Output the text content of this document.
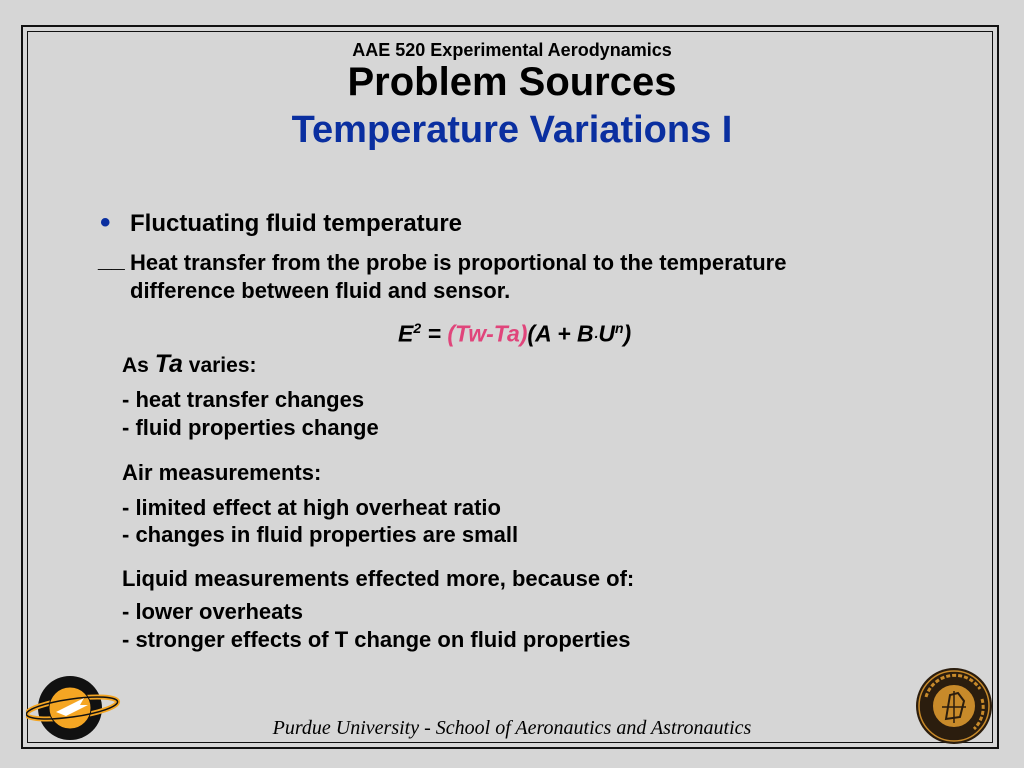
AAE 520 Experimental Aerodynamics
Problem Sources
Temperature Variations I
• Fluctuating fluid temperature
__ Heat transfer from the probe is proportional to the temperature
difference between fluid and sensor.
$E^2 = (Tw-Ta)(A + B\cdot U^n)$
As Ta varies:
- heat transfer changes
- fluid properties change
Air measurements:
- limited effect at high overheat ratio
- changes in fluid properties are small
Liquid measurements effected more, because of:
- lower overheats
- stronger effects of T change on fluid properties
Purdue University - School of Aeronautics and Astronautics
